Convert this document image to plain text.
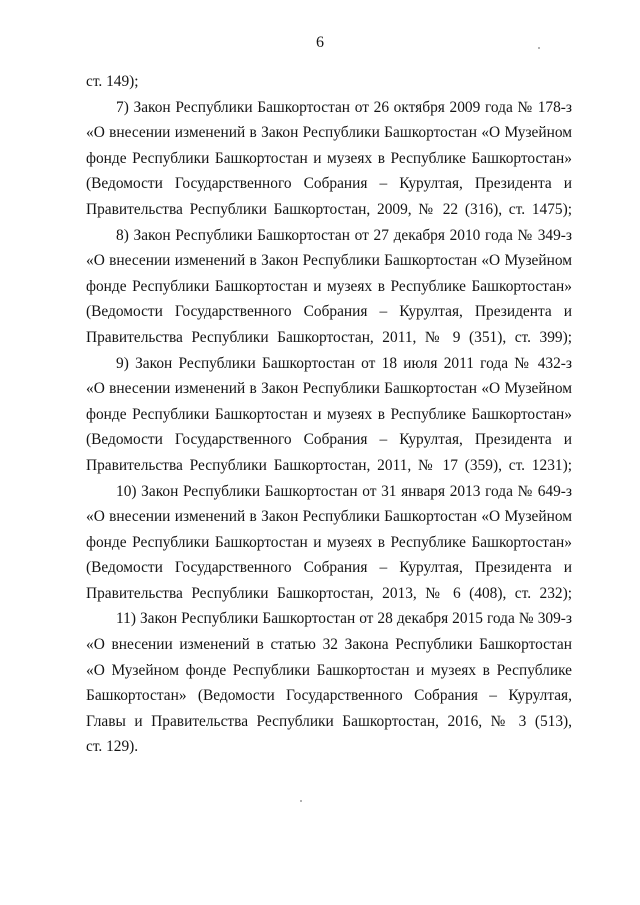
6
ст. 149);
7) Закон Республики Башкортостан от 26 октября 2009 года № 178-з
«О внесении изменений в Закон Республики Башкортостан «О Музейном
фонде Республики Башкортостан и музеях в Республике Башкортостан»
(Ведомости Государственного Собрания – Курултая, Президента и
Правительства Республики Башкортостан, 2009, № 22 (316), ст. 1475);
8) Закон Республики Башкортостан от 27 декабря 2010 года № 349-з
«О внесении изменений в Закон Республики Башкортостан «О Музейном
фонде Республики Башкортостан и музеях в Республике Башкортостан»
(Ведомости Государственного Собрания – Курултая, Президента и
Правительства Республики Башкортостан, 2011, № 9 (351), ст. 399);
9) Закон Республики Башкортостан от 18 июля 2011 года № 432-з
«О внесении изменений в Закон Республики Башкортостан «О Музейном
фонде Республики Башкортостан и музеях в Республике Башкортостан»
(Ведомости Государственного Собрания – Курултая, Президента и
Правительства Республики Башкортостан, 2011, № 17 (359), ст. 1231);
10) Закон Республики Башкортостан от 31 января 2013 года № 649-з
«О внесении изменений в Закон Республики Башкортостан «О Музейном
фонде Республики Башкортостан и музеях в Республике Башкортостан»
(Ведомости Государственного Собрания – Курултая, Президента и
Правительства Республики Башкортостан, 2013, № 6 (408), ст. 232);
11) Закон Республики Башкортостан от 28 декабря 2015 года № 309-з
«О внесении изменений в статью 32 Закона Республики Башкортостан
«О Музейном фонде Республики Башкортостан и музеях в Республике
Башкортостан» (Ведомости Государственного Собрания – Курултая,
Главы и Правительства Республики Башкортостан, 2016, № 3 (513),
ст. 129).
